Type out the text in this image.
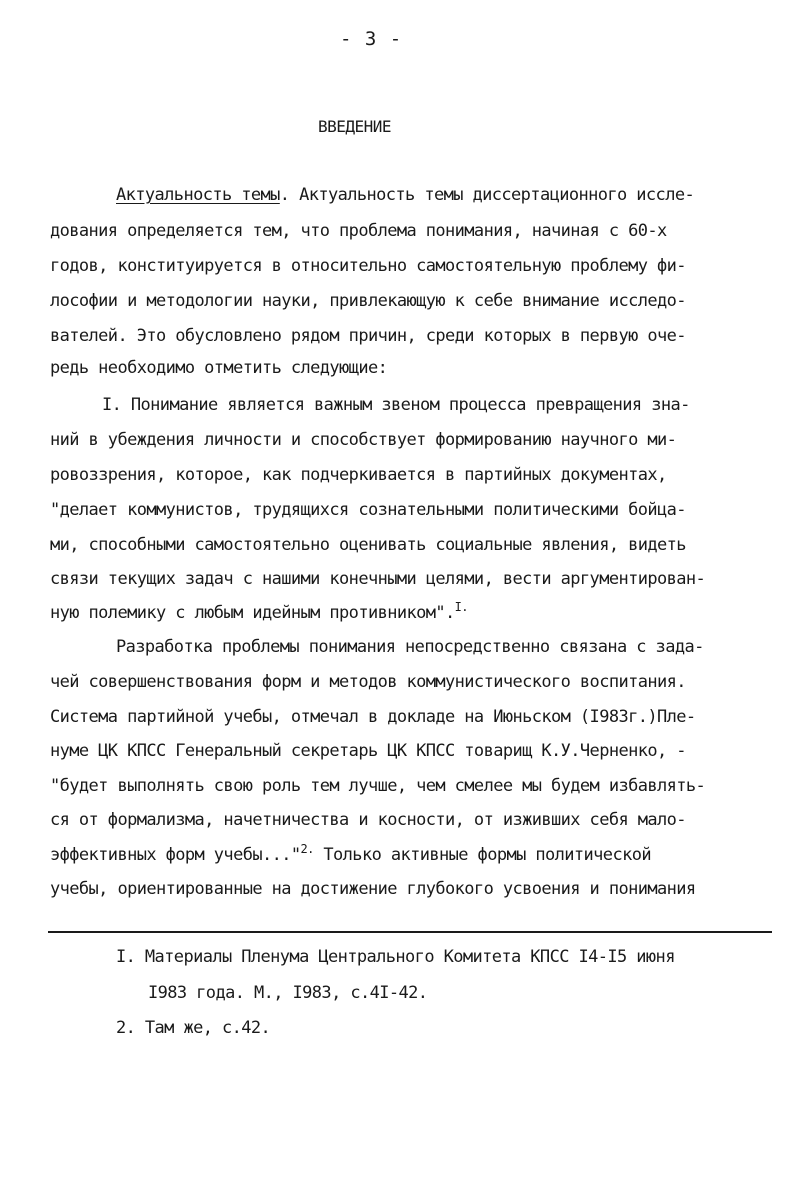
- 3 -
ВВЕДЕНИЕ
Актуальность темы. Актуальность темы диссертационного иссле-
дования определяется тем, что проблема понимания, начиная с 60-х
годов, конституируется в относительно самостоятельную проблему фи-
лософии и методологии науки, привлекающую к себе внимание исследо-
вателей. Это обусловлено рядом причин, среди которых в первую оче-
редь необходимо отметить следующие:
I. Понимание является важным звеном процесса превращения зна-
ний в убеждения личности и способствует формированию научного ми-
ровоззрения, которое, как подчеркивается в партийных документах,
"делает коммунистов, трудящихся сознательными политическими бойца-
ми, способными самостоятельно оценивать социальные явления, видеть
связи текущих задач с нашими конечными целями, вести аргументирован-
ную полемику с любым идейным противником".$^{I.}$
Разработка проблемы понимания непосредственно связана с зада-
чей совершенствования форм и методов коммунистического воспитания.
Система партийной учебы, отмечал в докладе на Июньском (I983г.)Пле-
нуме ЦК КПСС Генеральный секретарь ЦК КПСС товарищ К.У.Черненко, -
"будет выполнять свою роль тем лучше, чем смелее мы будем избавлять-
ся от формализма, начетничества и косности, от изживших себя мало-
эффективных форм учебы..."$^{2.}$ Только активные формы политической
учебы, ориентированные на достижение глубокого усвоения и понимания
I. Материалы Пленума Центрального Комитета КПСС I4-I5 июня
I983 года. М., I983, с.4I-42.
2. Там же, с.42.
